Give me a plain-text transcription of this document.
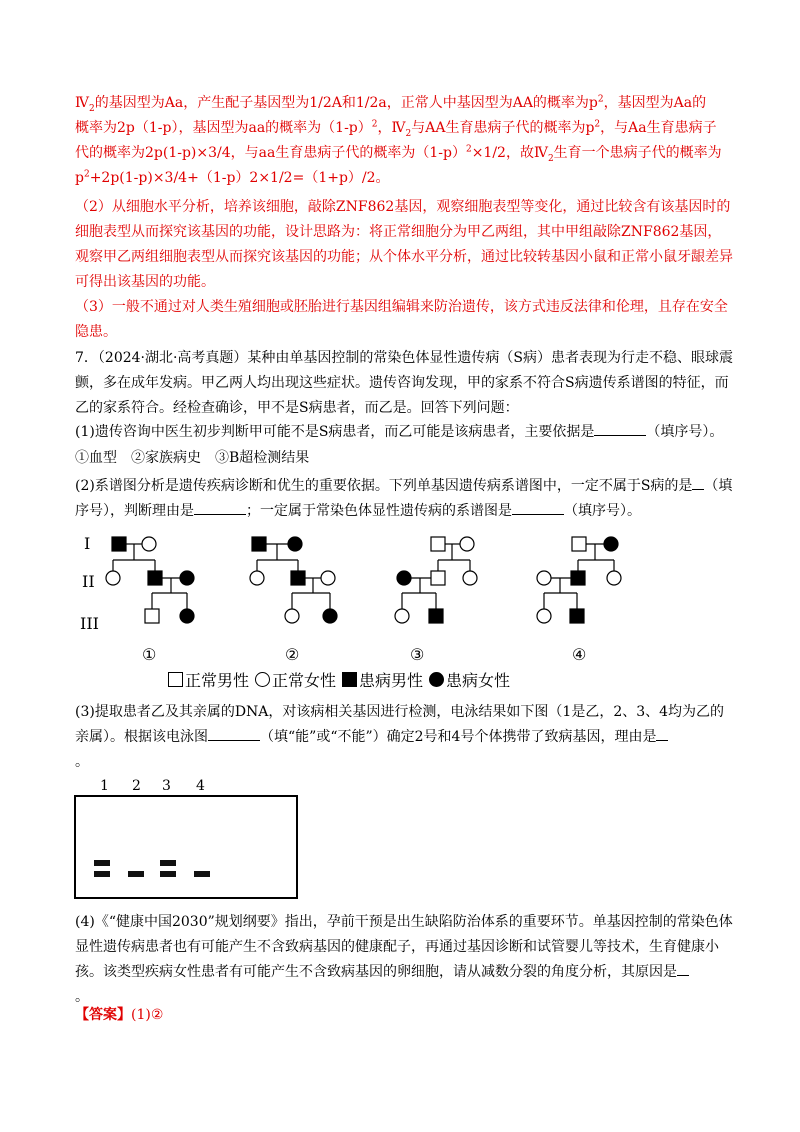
$Ⅳ_2$的基因型为Aa，产生配子基因型为1/2A和1/2a，正常人中基因型为AA的概率为$p^2$，基因型为Aa的
概率为2p（1-p），基因型为aa的概率为$(1-p)^2$，$Ⅳ_2$与AA生育患病子代的概率为$p^2$，与Aa生育患病子
代的概率为2p(1-p)×3/4，与aa生育患病子代的概率为$(1-p)^2\times 1/2$，故$Ⅳ_2$生育一个患病子代的概率为
$p^2+2p(1-p)\times 3/4+(1-p)2\times 1/2=(1+p)/2$。
（2）从细胞水平分析，培养该细胞，敲除ZNF862基因，观察细胞表型等变化，通过比较含有该基因时的细胞表型从而探究该基因的功能，设计思路为：将正常细胞分为甲乙两组，其中甲组敲除ZNF862基因，观察甲乙两组细胞表型从而探究该基因的功能；从个体水平分析，通过比较转基因小鼠和正常小鼠牙龈差异可得出该基因的功能。
（3）一般不通过对人类生殖细胞或胚胎进行基因组编辑来防治遗传，该方式违反法律和伦理，且存在安全隐患。
7．（2024·湖北·高考真题）某种由单基因控制的常染色体显性遗传病（S病）患者表现为行走不稳、眼球震颤，多在成年发病。甲乙两人均出现这些症状。遗传咨询发现，甲的家系不符合S病遗传系谱图的特征，而乙的家系符合。经检查确诊，甲不是S病患者，而乙是。回答下列问题：
(1)遗传咨询中医生初步判断甲可能不是S病患者，而乙可能是该病患者，主要依据是	（填序号）。
①血型　②家族病史　③B超检测结果
(2)系谱图分析是遗传疾病诊断和优生的重要依据。下列单基因遗传病系谱图中，一定不属于S病的是 （填序号），判断理由是	；一定属于常染色体显性遗传病的系谱图是	（填序号）。
I
II
III
①	②	③	④
正常男性 正常女性 患病男性 患病女性
(3)提取患者乙及其亲属的DNA，对该病相关基因进行检测，电泳结果如下图（1是乙，2、3、4均为乙的亲属）。根据该电泳图	（填“能”或“不能”）确定2号和4号个体携带了致病基因，理由是
。
1 2 3 4
(4)《“健康中国2030”规划纲要》指出，孕前干预是出生缺陷防治体系的重要环节。单基因控制的常染色体显性遗传病患者也有可能产生不含致病基因的健康配子，再通过基因诊断和试管婴儿等技术，生育健康小孩。该类型疾病女性患者有可能产生不含致病基因的卵细胞，请从减数分裂的角度分析，其原因是
。
【答案】(1)②
